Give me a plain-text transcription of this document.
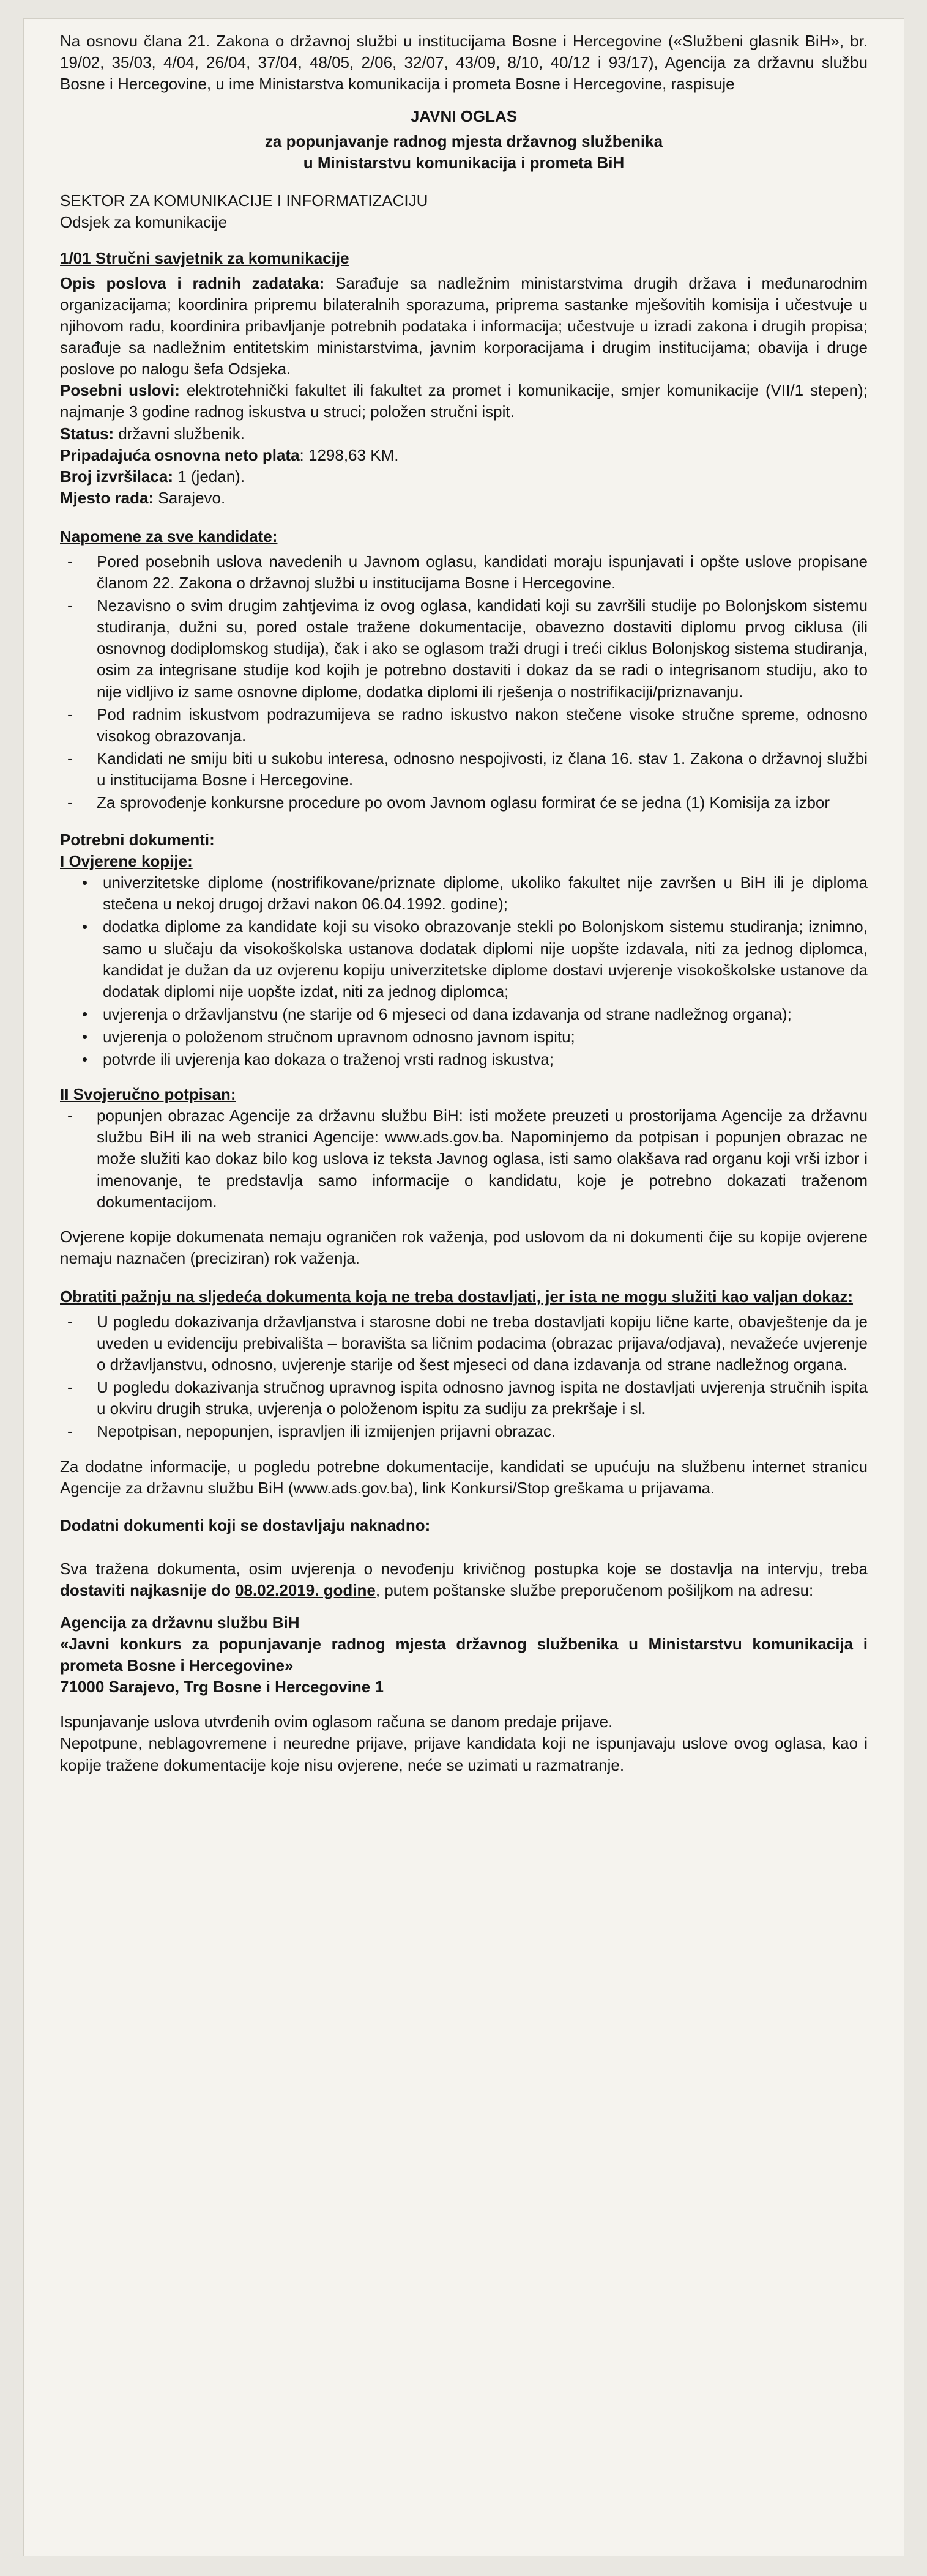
Na osnovu člana 21. Zakona o državnoj službi u institucijama Bosne i Hercegovine («Službeni glasnik BiH», br. 19/02, 35/03, 4/04, 26/04, 37/04, 48/05, 2/06, 32/07, 43/09, 8/10, 40/12 i 93/17), Agencija za državnu službu Bosne i Hercegovine, u ime Ministarstva komunikacija i prometa Bosne i Hercegovine, raspisuje

JAVNI OGLAS
za popunjavanje radnog mjesta državnog službenika
u Ministarstvu komunikacija i prometa BiH

SEKTOR ZA KOMUNIKACIJE I INFORMATIZACIJU

Odsjek za komunikacije

1/01 Stručni savjetnik za komunikacije

Opis poslova i radnih zadataka: Sarađuje sa nadležnim ministarstvima drugih država i međunarodnim organizacijama; koordinira pripremu bilateralnih sporazuma, priprema sastanke mješovitih komisija i učestvuje u njihovom radu, koordinira pribavljanje potrebnih podataka i informacija; učestvuje u izradi zakona i drugih propisa; sarađuje sa nadležnim entitetskim ministarstvima, javnim korporacijama i drugim institucijama; obavija i druge poslove po nalogu šefa Odsjeka.

Posebni uslovi: elektrotehnički fakultet ili fakultet za promet i komunikacije, smjer komunikacije (VII/1 stepen); najmanje 3 godine radnog iskustva u struci; položen stručni ispit.

Status: državni službenik.

Pripadajuća osnovna neto plata: 1298,63 KM.

Broj izvršilaca: 1 (jedan).

Mjesto rada: Sarajevo.

Napomene za sve kandidate:
- Pored posebnih uslova navedenih u Javnom oglasu, kandidati moraju ispunjavati i opšte uslove propisane članom 22. Zakona o državnoj službi u institucijama Bosne i Hercegovine.
- Nezavisno o svim drugim zahtjevima iz ovog oglasa, kandidati koji su završili studije po Bolonjskom sistemu studiranja, dužni su, pored ostale tražene dokumentacije, obavezno dostaviti diplomu prvog ciklusa (ili osnovnog dodiplomskog studija), čak i ako se oglasom traži drugi i treći ciklus Bolonjskog sistema studiranja, osim za integrisane studije kod kojih je potrebno dostaviti i dokaz da se radi o integrisanom studiju, ako to nije vidljivo iz same osnovne diplome, dodatka diplomi ili rješenja o nostrifikaciji/priznavanju.
- Pod radnim iskustvom podrazumijeva se radno iskustvo nakon stečene visoke stručne spreme, odnosno visokog obrazovanja.
- Kandidati ne smiju biti u sukobu interesa, odnosno nespojivosti, iz člana 16. stav 1. Zakona o državnoj službi u institucijama Bosne i Hercegovine.
- Za sprovođenje konkursne procedure po ovom Javnom oglasu formirat će se jedna (1) Komisija za izbor
Potrebni dokumenti:
I Ovjerene kopije:
• univerzitetske diplome (nostrifikovane/priznate diplome, ukoliko fakultet nije završen u BiH ili je diploma stečena u nekoj drugoj državi nakon 06.04.1992. godine);
• dodatka diplome za kandidate koji su visoko obrazovanje stekli po Bolonjskom sistemu studiranja; iznimno, samo u slučaju da visokoškolska ustanova dodatak diplomi nije uopšte izdavala, niti za jednog diplomca, kandidat je dužan da uz ovjerenu kopiju univerzitetske diplome dostavi uvjerenje visokoškolske ustanove da dodatak diplomi nije uopšte izdat, niti za jednog diplomca;
• uvjerenja o državljanstvu (ne starije od 6 mjeseci od dana izdavanja od strane nadležnog organa);
• uvjerenja o položenom stručnom upravnom odnosno javnom ispitu;
• potvrde ili uvjerenja kao dokaza o traženoj vrsti radnog iskustva;
II Svojeručno potpisan:
- popunjen obrazac Agencije za državnu službu BiH: isti možete preuzeti u prostorijama Agencije za državnu službu BiH ili na web stranici Agencije: www.ads.gov.ba. Napominjemo da potpisan i popunjen obrazac ne može služiti kao dokaz bilo kog uslova iz teksta Javnog oglasa, isti samo olakšava rad organu koji vrši izbor i imenovanje, te predstavlja samo informacije o kandidatu, koje je potrebno dokazati traženom dokumentacijom.

Ovjerene kopije dokumenata nemaju ograničen rok važenja, pod uslovom da ni dokumenti čije su kopije ovjerene nemaju naznačen (preciziran) rok važenja.

Obratiti pažnju na sljedeća dokumenta koja ne treba dostavljati, jer ista ne mogu služiti kao valjan dokaz:
- U pogledu dokazivanja državljanstva i starosne dobi ne treba dostavljati kopiju lične karte, obavještenje da je uveden u evidenciju prebivališta – boravišta sa ličnim podacima (obrazac prijava/odjava), nevažeće uvjerenje o državljanstvu, odnosno, uvjerenje starije od šest mjeseci od dana izdavanja od strane nadležnog organa.
- U pogledu dokazivanja stručnog upravnog ispita odnosno javnog ispita ne dostavljati uvjerenja stručnih ispita u okviru drugih struka, uvjerenja o položenom ispitu za sudiju za prekršaje i sl.
- Nepotpisan, nepopunjen, ispravljen ili izmijenjen prijavni obrazac.

Za dodatne informacije, u pogledu potrebne dokumentacije, kandidati se upućuju na službenu internet stranicu Agencije za državnu službu BiH (www.ads.gov.ba), link Konkursi/Stop greškama u prijavama.

Dodatni dokumenti koji se dostavljaju naknadno:

Sva tražena dokumenta, osim uvjerenja o nevođenju krivičnog postupka koje se dostavlja na intervju, treba dostaviti najkasnije do 08.02.2019. godine, putem poštanske službe preporučenom pošiljkom na adresu:

Agencija za državnu službu BiH

«Javni konkurs za popunjavanje radnog mjesta državnog službenika u Ministarstvu komunikacija i prometa Bosne i Hercegovine»

71000 Sarajevo, Trg Bosne i Hercegovine 1

Ispunjavanje uslova utvrđenih ovim oglasom računa se danom predaje prijave.

Nepotpune, neblagovremene i neuredne prijave, prijave kandidata koji ne ispunjavaju uslove ovog oglasa, kao i kopije tražene dokumentacije koje nisu ovjerene, neće se uzimati u razmatranje.
